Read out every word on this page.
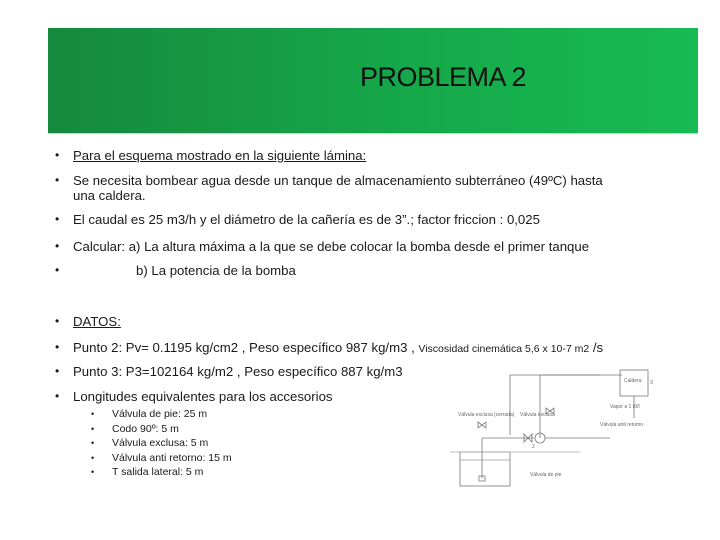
PROBLEMA 2
•	Para el esquema mostrado en la siguiente lámina:
•	Se necesita bombear agua desde un tanque de almacenamiento subterráneo (49ºC) hasta
una caldera.
•	El caudal es 25 m3/h y el diámetro de la cañería es de 3”.; factor friccion : 0,025
•	Calcular: a) La altura máxima a la que se debe colocar la bomba desde el primer tanque
•	b) La potencia de la bomba
•	DATOS:
•	Punto 2: Pv= 0.1195 kg/cm2 , Peso específico 987 kg/m3 , Viscosidad cinemática 5,6 x 10-7 m2 /s
•	Punto 3: P3=102164 kg/m2 , Peso específico 887 kg/m3
•	Longitudes equivalentes para los accesorios
•	Válvula de pie: 25 m
•	Codo 90º: 5 m
•	Válvula exclusa: 5 m
•	Válvula anti retorno: 15 m
•	T salida lateral: 5 m
Caldera
Vapor a 1 Kl/l
Válvula anti retorno
Válvula exclusa
Válvula exclusa (cerrada)
Válvula de pie
2
3
